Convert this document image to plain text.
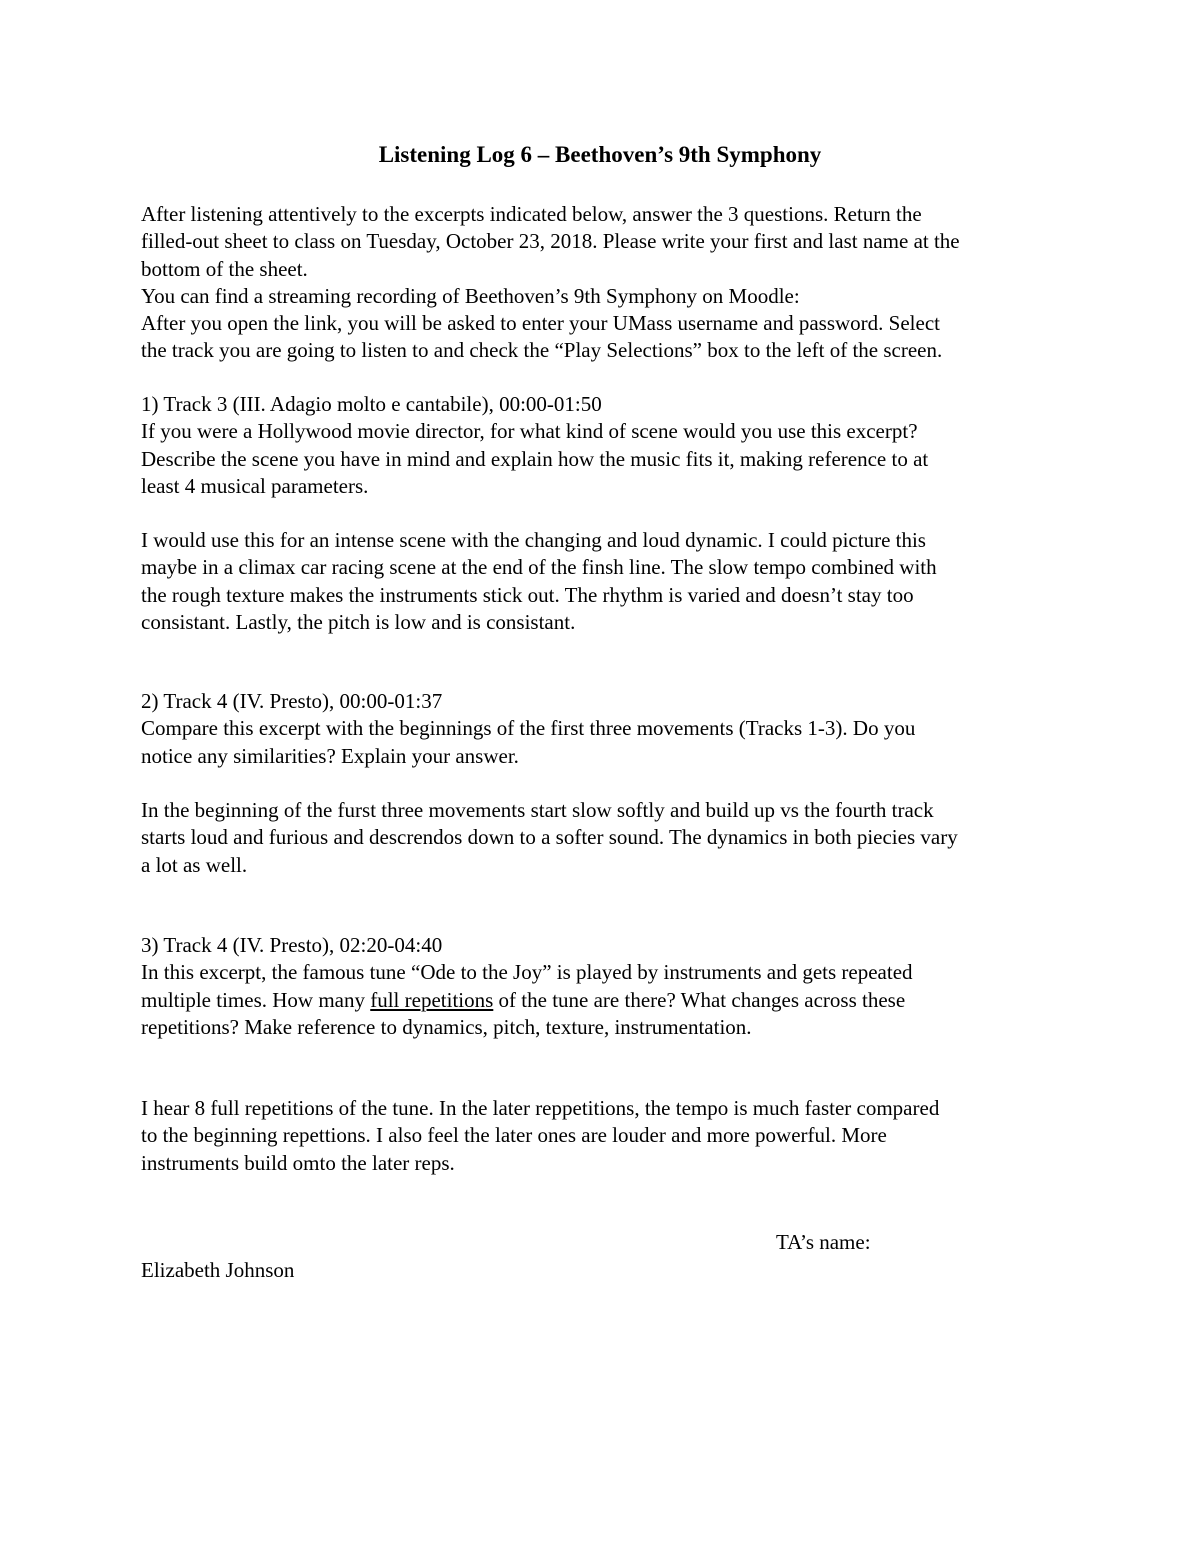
Listening Log 6 – Beethoven’s 9th Symphony
After listening attentively to the excerpts indicated below, answer the 3 questions. Return the
filled-out sheet to class on Tuesday, October 23, 2018. Please write your first and last name at the
bottom of the sheet.
You can find a streaming recording of Beethoven’s 9th Symphony on Moodle:
After you open the link, you will be asked to enter your UMass username and password. Select
the track you are going to listen to and check the “Play Selections” box to the left of the screen.
1) Track 3 (III. Adagio molto e cantabile), 00:00-01:50
If you were a Hollywood movie director, for what kind of scene would you use this excerpt?
Describe the scene you have in mind and explain how the music fits it, making reference to at
least 4 musical parameters.
I would use this for an intense scene with the changing and loud dynamic. I could picture this
maybe in a climax car racing scene at the end of the finsh line. The slow tempo combined with
the rough texture makes the instruments stick out. The rhythm is varied and doesn’t stay too
consistant. Lastly, the pitch is low and is consistant.
2) Track 4 (IV. Presto), 00:00-01:37
Compare this excerpt with the beginnings of the first three movements (Tracks 1-3). Do you
notice any similarities? Explain your answer.
In the beginning of the furst three movements start slow softly and build up vs the fourth track
starts loud and furious and descrendos down to a softer sound. The dynamics in both piecies vary
a lot as well.
3) Track 4 (IV. Presto), 02:20-04:40
In this excerpt, the famous tune “Ode to the Joy” is played by instruments and gets repeated
multiple times. How many full repetitions of the tune are there? What changes across these
repetitions? Make reference to dynamics, pitch, texture, instrumentation.
I hear 8 full repetitions of the tune. In the later reppetitions, the tempo is much faster compared
to the beginning repettions. I also feel the later ones are louder and more powerful. More
instruments build omto the later reps.
TA’s name:
Elizabeth Johnson
